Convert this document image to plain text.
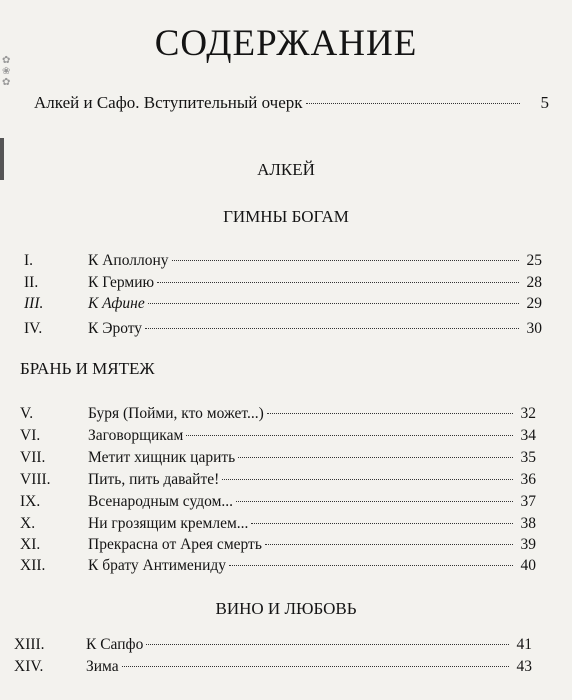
✿
❀
✿
СОДЕРЖАНИЕ
Алкей и Сафо. Вступительный очерк	5
АЛКЕЙ
ГИМНЫ БОГАМ
I.	К Аполлону	25
II.	К Гермию	28
III.	К Афине	29
IV.	К Эроту	30
БРАНЬ И МЯТЕЖ
V.	Буря (Пойми, кто может...)	32
VI.	Заговорщикам	34
VII.	Метит хищник царить	35
VIII.	Пить, пить давайте!	36
IX.	Всенародным судом...	37
X.	Ни грозящим кремлем...	38
XI.	Прекрасна от Арея смерть	39
XII.	К брату Антимениду	40
ВИНО И ЛЮБОВЬ
XIII.	К Сапфо	41
XIV.	Зима	43
